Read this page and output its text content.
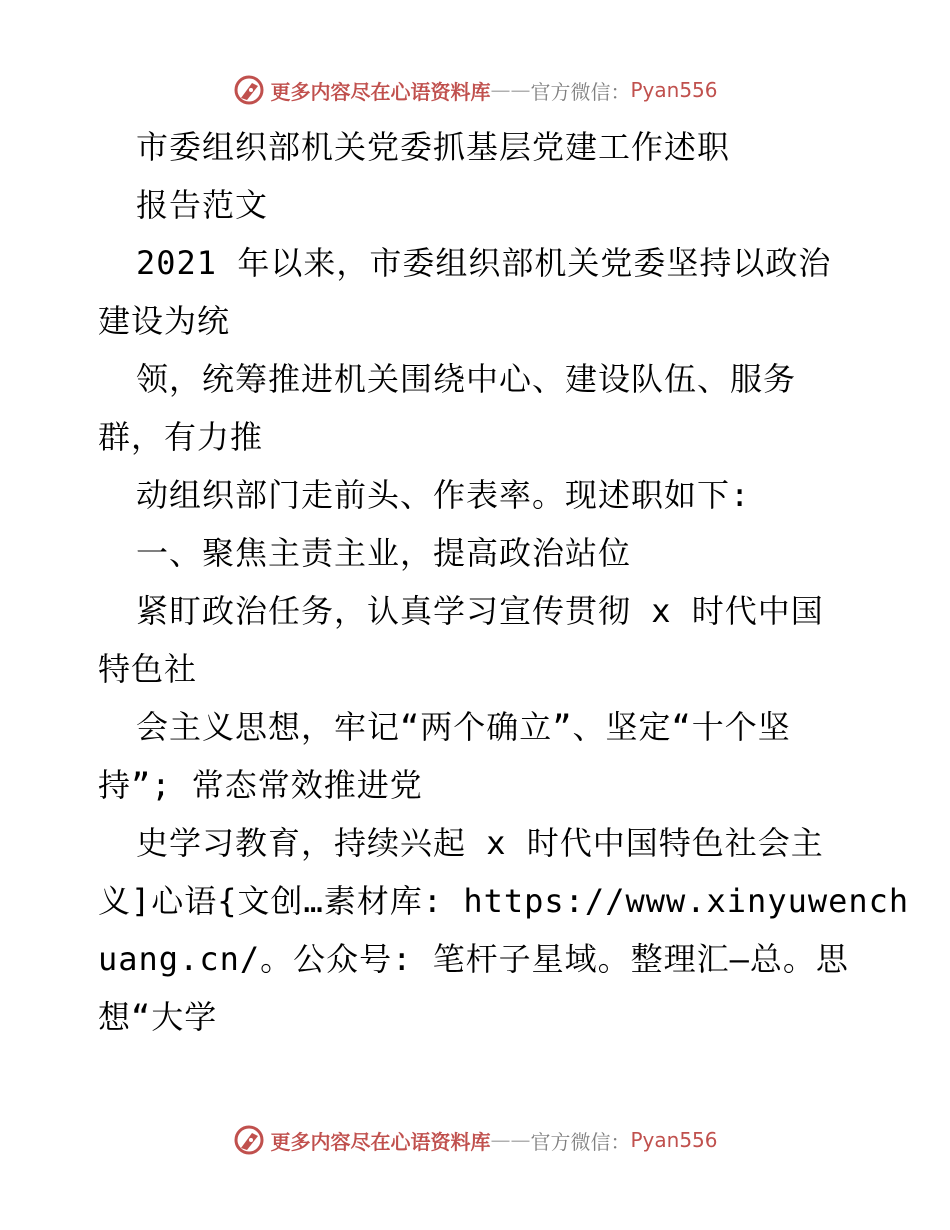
更多内容尽在心语资料库 —— 官方微信： Pyan556
市委组织部机关党委抓基层党建工作述职
报告范文
2021 年以来，市委组织部机关党委坚持以政治
建设为统
领，统筹推进机关围绕中心、建设队伍、服务
群，有力推
动组织部门走前头、作表率。现述职如下:
一、聚焦主责主业，提高政治站位
紧盯政治任务，认真学习宣传贯彻 x 时代中国
特色社
会主义思想，牢记“两个确立”、坚定“十个坚
持”; 常态常效推进党
史学习教育，持续兴起 x 时代中国特色社会主
义]心语{文创…素材库: https://www.xinyuwench
uang.cn/。公众号: 笔杆子星域。整理汇—总。思
想“大学
更多内容尽在心语资料库 —— 官方微信： Pyan556
